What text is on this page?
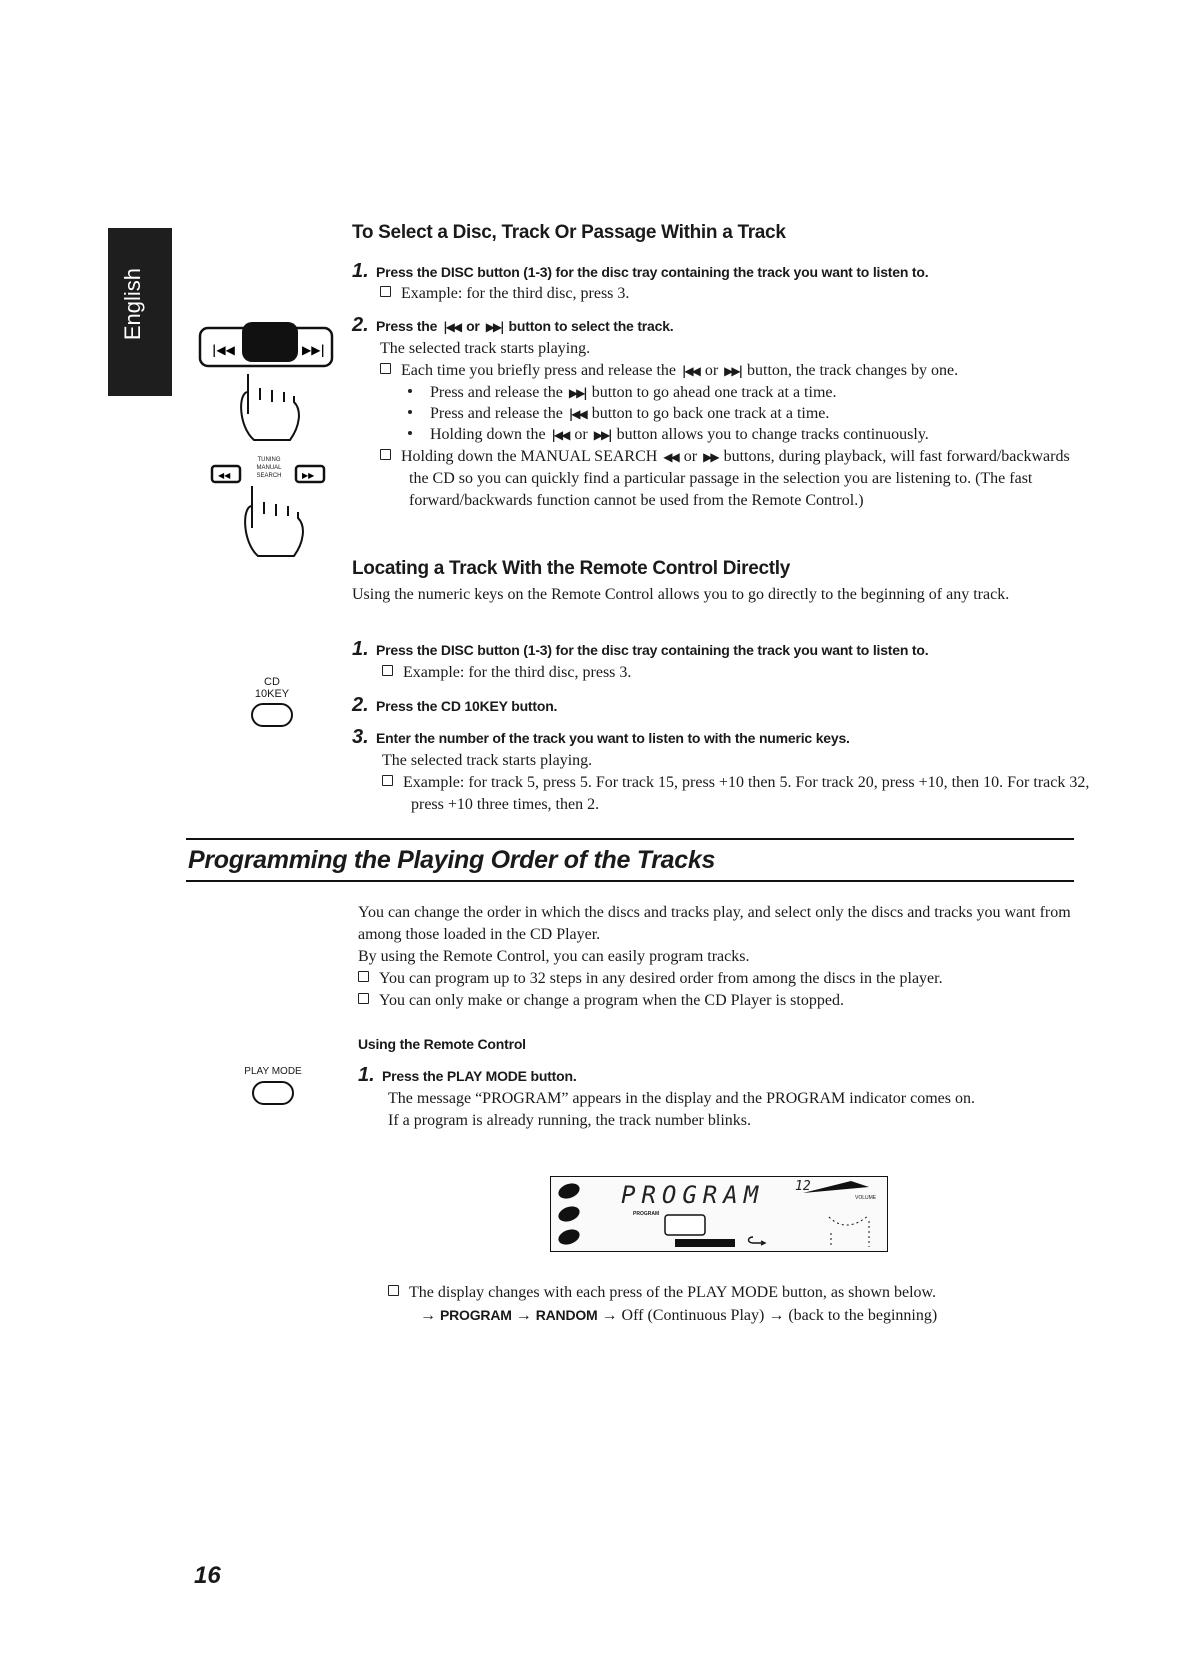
English
|◀◀	▶▶|
◀◀	▶▶
TUNING
MANUAL SEARCH
CD
10KEY
PLAY MODE
To Select a Disc, Track Or Passage Within a Track
1. Press the DISC button (1-3) for the disc tray containing the track you want to listen to.
Example: for the third disc, press 3.
2. Press the |◀◀ or ▶▶| button to select the track.
The selected track starts playing.
Each time you briefly press and release the |◀◀ or ▶▶| button, the track changes by one.
Press and release the ▶▶| button to go ahead one track at a time.
Press and release the |◀◀ button to go back one track at a time.
Holding down the |◀◀ or ▶▶| button allows you to change tracks continuously.
Holding down the MANUAL SEARCH ◀◀ or ▶▶ buttons, during playback, will fast forward/backwards the CD so you can quickly find a particular passage in the selection you are listening to. (The fast forward/backwards function cannot be used from the Remote Control.)
Locating a Track With the Remote Control Directly
Using the numeric keys on the Remote Control allows you to go directly to the beginning of any track.
1. Press the DISC button (1-3) for the disc tray containing the track you want to listen to.
Example: for the third disc, press 3.
2. Press the CD 10KEY button.
3. Enter the number of the track you want to listen to with the numeric keys.
The selected track starts playing.
Example: for track 5, press 5. For track 15, press +10 then 5. For track 20, press +10, then 10. For track 32, press +10 three times, then 2.
Programming the Playing Order of the Tracks
You can change the order in which the discs and tracks play, and select only the discs and tracks you want from among those loaded in the CD Player.
By using the Remote Control, you can easily program tracks.
You can program up to 32 steps in any desired order from among the discs in the player.
You can only make or change a program when the CD Player is stopped.
Using the Remote Control
1. Press the PLAY MODE button.
The message “PROGRAM” appears in the display and the PROGRAM indicator comes on.
If a program is already running, the track number blinks.
PROGRAM 12
PROGRAM
VOLUME
The display changes with each press of the PLAY MODE button, as shown below.
→ PROGRAM → RANDOM → Off (Continuous Play) → (back to the beginning)
16
